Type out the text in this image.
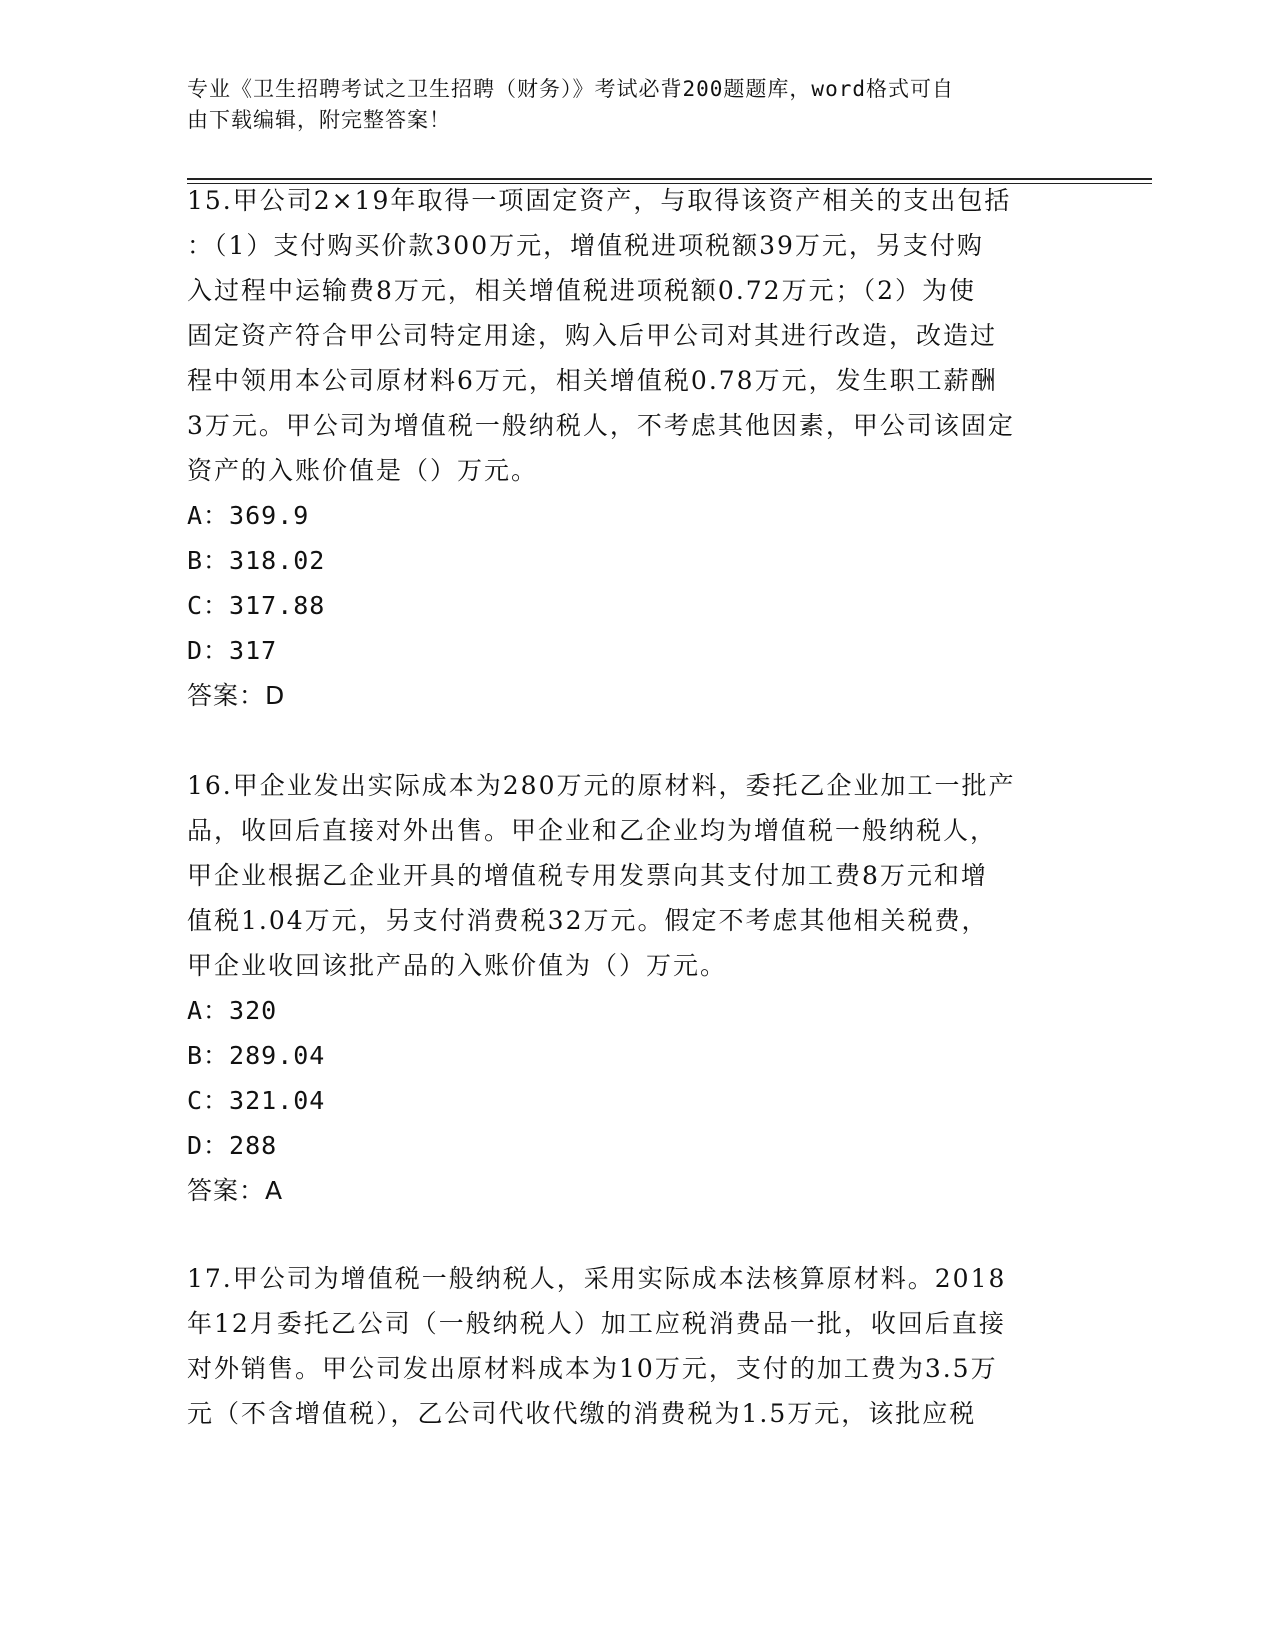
专业《卫生招聘考试之卫生招聘（财务）》考试必背200题题库，word格式可自
由下载编辑，附完整答案！
15.甲公司2×19年取得一项固定资产，与取得该资产相关的支出包括
：（1）支付购买价款300万元，增值税进项税额39万元，另支付购
入过程中运输费8万元，相关增值税进项税额0.72万元；（2）为使
固定资产符合甲公司特定用途，购入后甲公司对其进行改造，改造过
程中领用本公司原材料6万元，相关增值税0.78万元，发生职工薪酬
3万元。甲公司为增值税一般纳税人，不考虑其他因素，甲公司该固定
资产的入账价值是（）万元。
A：369.9
B：318.02
C：317.88
D：317
答案：D
16.甲企业发出实际成本为280万元的原材料，委托乙企业加工一批产
品，收回后直接对外出售。甲企业和乙企业均为增值税一般纳税人，
甲企业根据乙企业开具的增值税专用发票向其支付加工费8万元和增
值税1.04万元，另支付消费税32万元。假定不考虑其他相关税费，
甲企业收回该批产品的入账价值为（）万元。
A：320
B：289.04
C：321.04
D：288
答案：A
17.甲公司为增值税一般纳税人，采用实际成本法核算原材料。2018
年12月委托乙公司（一般纳税人）加工应税消费品一批，收回后直接
对外销售。甲公司发出原材料成本为10万元，支付的加工费为3.5万
元（不含增值税），乙公司代收代缴的消费税为1.5万元，该批应税
